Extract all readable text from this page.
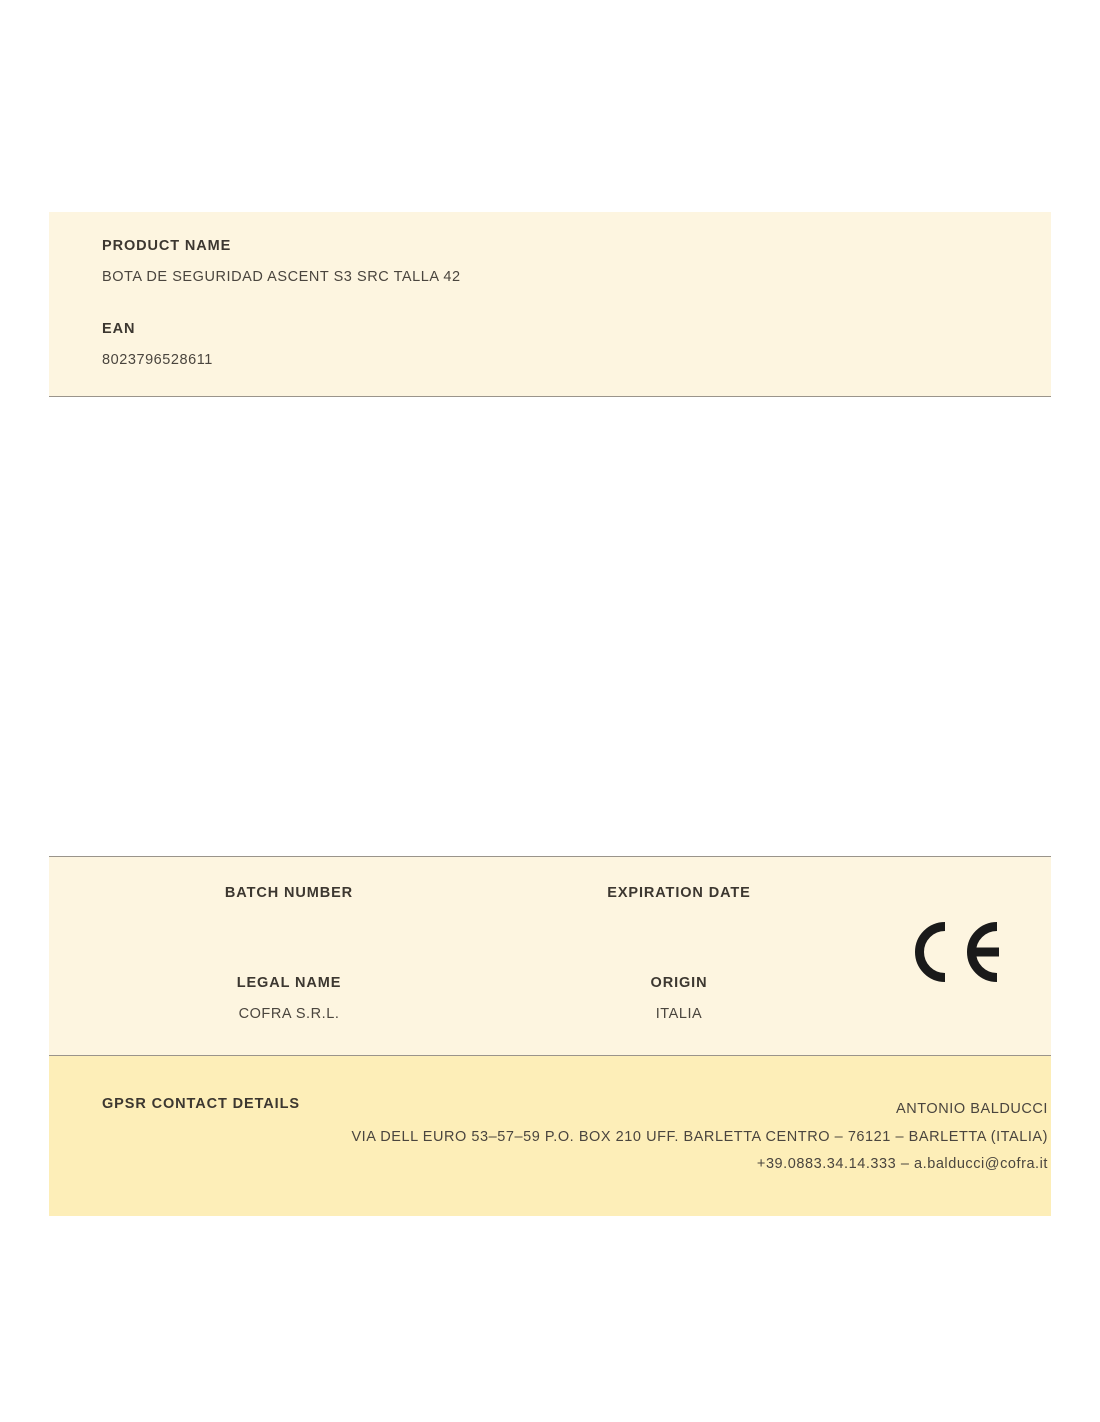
PRODUCT NAME
BOTA DE SEGURIDAD ASCENT S3 SRC TALLA 42
EAN
8023796528611
BATCH NUMBER	EXPIRATION DATE
LEGAL NAME
COFRA S.R.L.
ORIGIN
ITALIA
GPSR CONTACT DETAILS	ANTONIO BALDUCCI
VIA DELL EURO 53–57–59 P.O. BOX 210 UFF. BARLETTA CENTRO – 76121 – BARLETTA (ITALIA)
+39.0883.34.14.333 – a.balducci@cofra.it
